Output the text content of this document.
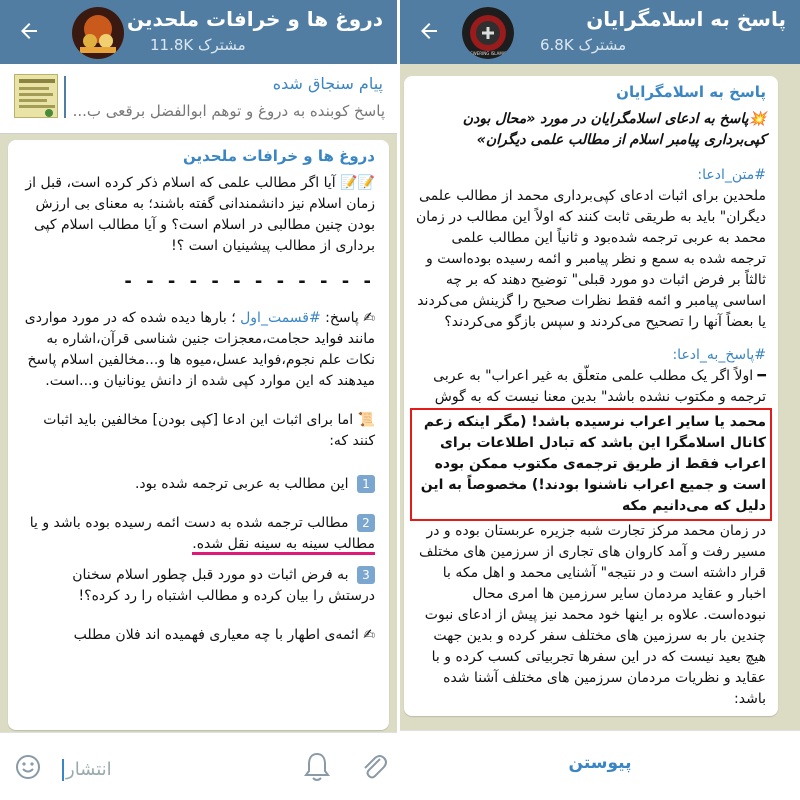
دروغ ها و خرافات ملحدین
11.8K مشترک
پیام سنجاق شده
پاسخ کوبنده به دروغ و توهم ابوالفضل برقعی ب...
دروغ ها و خرافات ملحدین

📝📝 آیا اگر مطالب علمی که اسلام ذکر کرده است، قبل از زمان اسلام نیز دانشمندانی گفته باشند؛ به معنای بی ارزش بودن چنین مطالبی در اسلام است؟ و آیا مطالب اسلام کپی برداری از مطالب پیشینیان است ؟!

- - - - - - - - - - - -

✍ پاسخ: #قسمت_اول ؛ بارها دیده شده که در مورد مواردی مانند فواید حجامت،معجزات جنین شناسی قرآن،اشاره به نکات علم نجوم،فواید عسل،میوه ها و...مخالفین اسلام پاسخ میدهند که این موارد کپی شده از دانش یونانیان و...است.

📜 اما برای اثبات این ادعا [کپی بودن] مخالفین باید اثبات کنند که:

1 این مطالب به عربی ترجمه شده بود.

2 مطالب ترجمه شده به دست ائمه رسیده بوده باشد و یا مطالب سینه به سینه نقل شده.

3 به فرض اثبات دو مورد قبل چطور اسلام سخنان درستش را بیان کرده و مطالب اشتباه را رد کرده؟!

✍ ائمه‌ی اطهار با چه معیاری فهمیده اند فلان مطلب

انتشار
ANSWERING ISLAMISTS
پاسخ به اسلامگرایان
6.8K مشترک
پاسخ به اسلامگرایان

💥پاسخ به ادعای اسلامگرایان در مورد «محال بودن کپی‌برداری پیامبر اسلام از مطالب علمی دیگران»

#متن_ادعا:
ملحدین برای اثبات ادعای کپی‌برداری محمد از مطالب علمی دیگران" باید به طریقی ثابت کنند که اولاً این مطالب در زمان محمد به عربی ترجمه شده‌بود و ثانیاً این مطالب علمی ترجمه شده به سمع و نظر پیامبر و ائمه رسیده بوده‌است و ثالثاً بر فرض اثبات دو مورد قبلی" توضیح دهند که بر چه اساسی پیامبر و ائمه فقط نظرات صحیح را گزینش می‌کردند یا بعضاً آنها را تصحیح می‌کردند و سپس بازگو می‌کردند؟

#پاسخ_به_ادعا:
━ اولاً اگر یک مطلب علمی متعلّق به غیر اعراب" به عربی ترجمه و مکتوب نشده باشد" بدین معنا نیست که به گوش

محمد یا سایر اعراب نرسیده باشد! (مگر اینکه زعم کانال اسلامگرا این باشد که تبادل اطلاعات برای اعراب فقط از طریق ترجمه‌ی مکتوب ممکن بوده است و جمیع اعراب ناشنوا بودند!) مخصوصاً به این دلیل که می‌دانیم مکه

در زمان محمد مرکز تجارت شبه جزیره عربستان بوده و در مسیر رفت و آمد کاروان های تجاری از سرزمین های مختلف قرار داشته است و در نتیجه" آشنایی محمد و اهل مکه با اخبار و عقاید مردمان سایر سرزمین ها امری محال نبوده‌است. علاوه بر اینها خود محمد نیز پیش از ادعای نبوت چندین بار به سرزمین های مختلف سفر کرده و بدین جهت هیچ بعید نیست که در این سفرها تجربیاتی کسب کرده و با عقاید و نظریات مردمان سرزمین های مختلف آشنا شده باشد:

پیوستن
